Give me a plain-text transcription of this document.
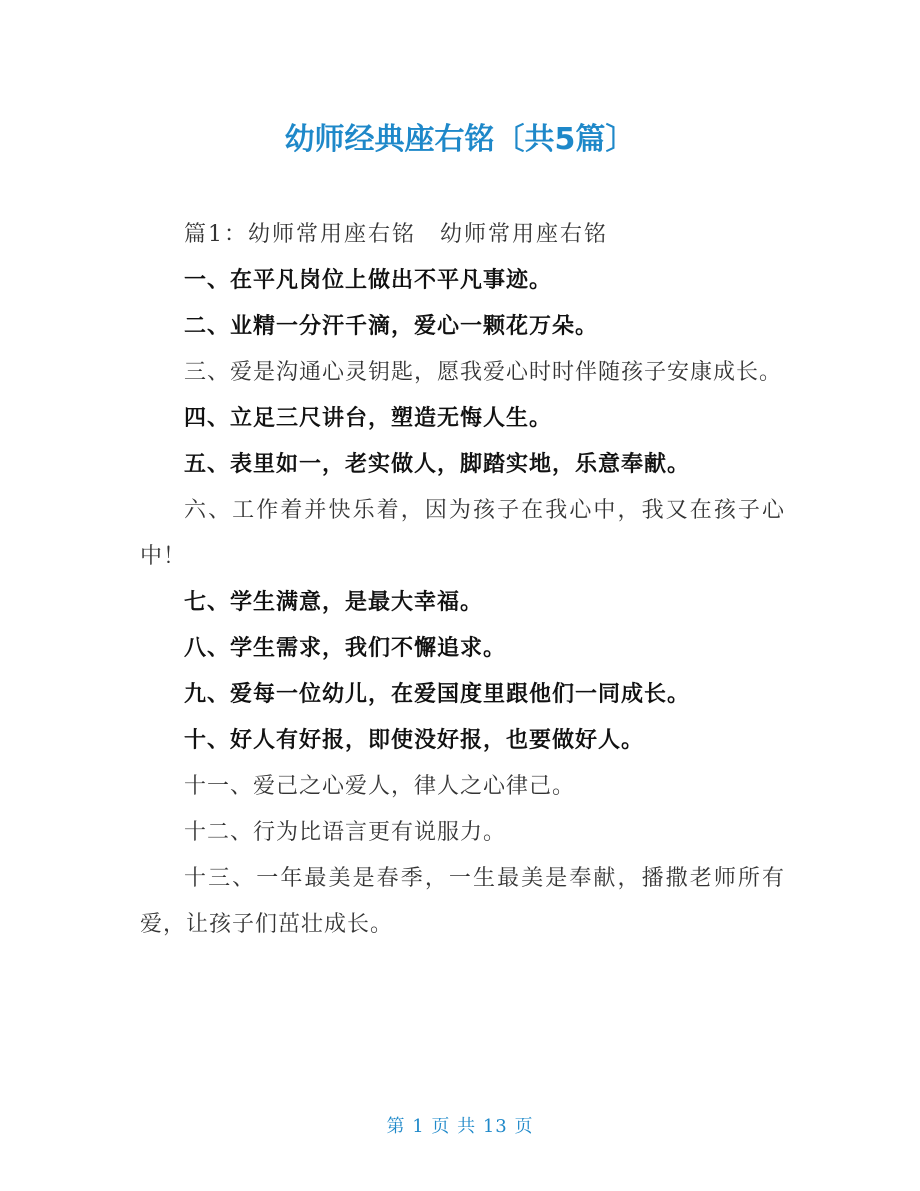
幼师经典座右铭〔共5篇〕

篇1：幼师常用座右铭　幼师常用座右铭

一、在平凡岗位上做出不平凡事迹。

二、业精一分汗千滴，爱心一颗花万朵。

三、爱是沟通心灵钥匙，愿我爱心时时伴随孩子安康成长。

四、立足三尺讲台，塑造无悔人生。

五、表里如一，老实做人，脚踏实地，乐意奉献。

六、工作着并快乐着，因为孩子在我心中，我又在孩子心中！

七、学生满意，是最大幸福。

八、学生需求，我们不懈追求。

九、爱每一位幼儿，在爱国度里跟他们一同成长。

十、好人有好报，即使没好报，也要做好人。

十一、爱己之心爱人，律人之心律己。

十二、行为比语言更有说服力。

十三、一年最美是春季，一生最美是奉献，播撒老师所有爱，让孩子们茁壮成长。

第 1 页 共 13 页
